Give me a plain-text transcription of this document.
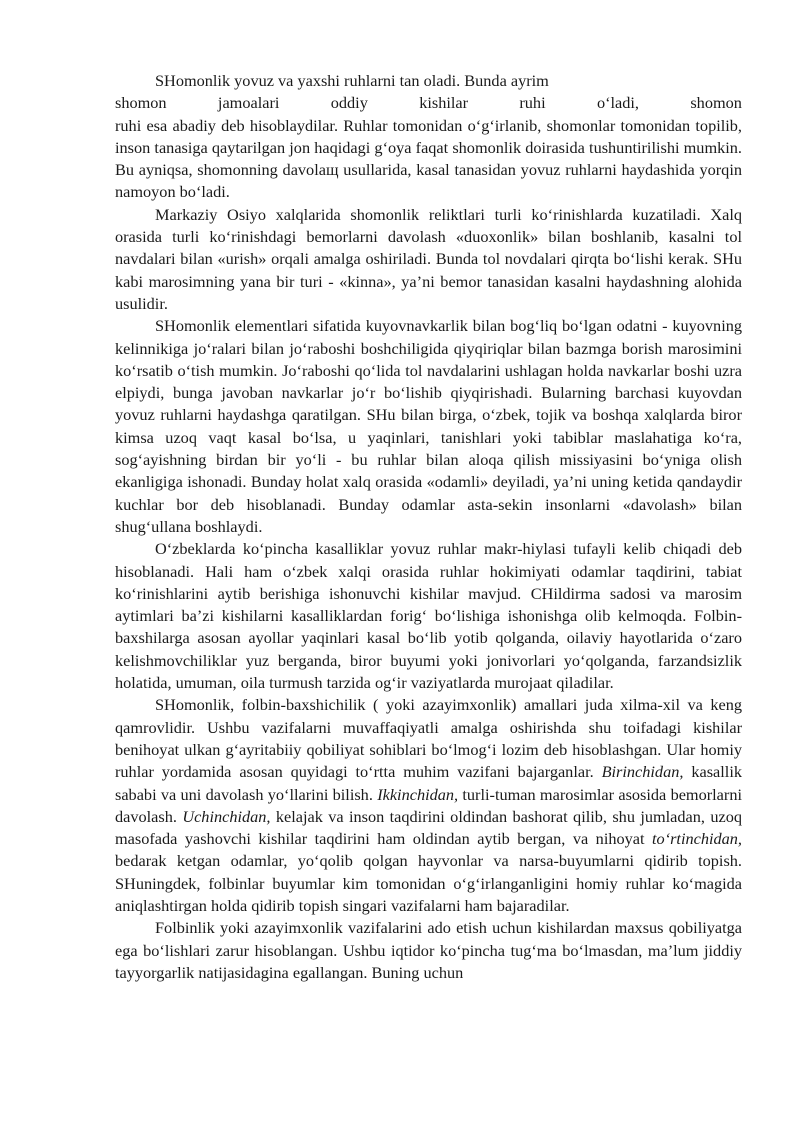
SHomonlik yovuz va yaxshi ruhlarni tan oladi. Bunda ayrim
shomon	jamoalari	oddiy	kishilar	ruhi	o‘ladi,	shomon
ruhi esa abadiy deb hisoblaydilar. Ruhlar tomonidan o‘g‘irlanib, shomonlar tomonidan topilib, inson tanasiga qaytarilgan jon haqidagi g‘oya faqat shomonlik doirasida tushuntirilishi mumkin. Bu ayniqsa, shomonning davolaщ usullarida, kasal tanasidan yovuz ruhlarni haydashida yorqin namoyon bo‘ladi.

Markaziy Osiyo xalqlarida shomonlik reliktlari turli ko‘rinishlarda kuzatiladi. Xalq orasida turli ko‘rinishdagi bemorlarni davolash «duoxonlik» bilan boshlanib, kasalni tol navdalari bilan «urish» orqali amalga oshiriladi. Bunda tol novdalari qirqta bo‘lishi kerak. SHu kabi marosimning yana bir turi - «kinna», ya’ni bemor tanasidan kasalni haydashning alohida usulidir.

SHomonlik elementlari sifatida kuyovnavkarlik bilan bog‘liq bo‘lgan odatni - kuyovning kelinnikiga jo‘ralari bilan jo‘raboshi boshchiligida qiyqiriqlar bilan bazmga borish marosimini ko‘rsatib o‘tish mumkin. Jo‘raboshi qo‘lida tol navdalarini ushlagan holda navkarlar boshi uzra elpiydi, bunga javoban navkarlar jo‘r bo‘lishib qiyqirishadi. Bularning barchasi kuyovdan yovuz ruhlarni haydashga qaratilgan. SHu bilan birga, o‘zbek, tojik va boshqa xalqlarda biror kimsa uzoq vaqt kasal bo‘lsa, u yaqinlari, tanishlari yoki tabiblar maslahatiga ko‘ra, sog‘ayishning birdan bir yo‘li - bu ruhlar bilan aloqa qilish missiyasini bo‘yniga olish ekanligiga ishonadi. Bunday holat xalq orasida «odamli» deyiladi, ya’ni uning ketida qandaydir kuchlar bor deb hisoblanadi. Bunday odamlar asta-sekin insonlarni «davolash» bilan shug‘ullana boshlaydi.

O‘zbeklarda ko‘pincha kasalliklar yovuz ruhlar makr-hiylasi tufayli kelib chiqadi deb hisoblanadi. Hali ham o‘zbek xalqi orasida ruhlar hokimiyati odamlar taqdirini, tabiat ko‘rinishlarini aytib berishiga ishonuvchi kishilar mavjud. CHildirma sadosi va marosim aytimlari ba’zi kishilarni kasalliklardan forig‘ bo‘lishiga ishonishga olib kelmoqda. Folbin-baxshilarga asosan ayollar yaqinlari kasal bo‘lib yotib qolganda, oilaviy hayotlarida o‘zaro kelishmovchiliklar yuz berganda, biror buyumi yoki jonivorlari yo‘qolganda, farzandsizlik holatida, umuman, oila turmush tarzida og‘ir vaziyatlarda murojaat qiladilar.

SHomonlik, folbin-baxshichilik ( yoki azayimxonlik) amallari juda xilma-xil va keng qamrovlidir. Ushbu vazifalarni muvaffaqiyatli amalga oshirishda shu toifadagi kishilar benihoyat ulkan g‘ayritabiiy qobiliyat sohiblari bo‘lmog‘i lozim deb hisoblashgan. Ular homiy ruhlar yordamida asosan quyidagi to‘rtta muhim vazifani bajarganlar. Birinchidan, kasallik sababi va uni davolash yo‘llarini bilish. Ikkinchidan, turli-tuman marosimlar asosida bemorlarni davolash. Uchinchidan, kelajak va inson taqdirini oldindan bashorat qilib, shu jumladan, uzoq masofada yashovchi kishilar taqdirini ham oldindan aytib bergan, va nihoyat to‘rtinchidan, bedarak ketgan odamlar, yo‘qolib qolgan hayvonlar va narsa-buyumlarni qidirib topish. SHuningdek, folbinlar buyumlar kim tomonidan o‘g‘irlanganligini homiy ruhlar ko‘magida aniqlashtirgan holda qidirib topish singari vazifalarni ham bajaradilar.

Folbinlik yoki azayimxonlik vazifalarini ado etish uchun kishilardan maxsus qobiliyatga ega bo‘lishlari zarur hisoblangan. Ushbu iqtidor ko‘pincha tug‘ma bo‘lmasdan, ma’lum jiddiy tayyorgarlik natijasidagina egallangan. Buning uchun
